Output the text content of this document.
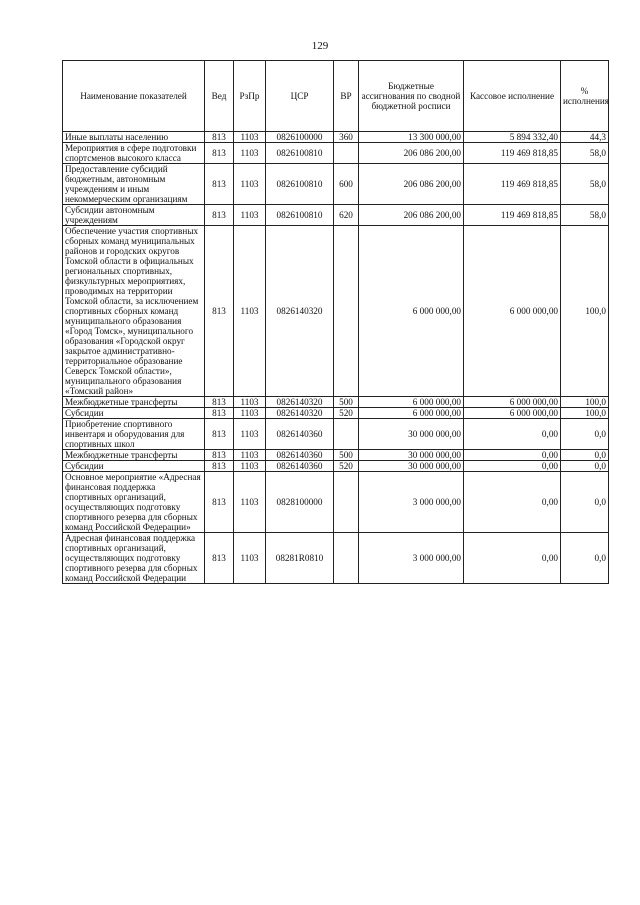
129
Наименование показателей	Вед	РзПр	ЦСР	ВР	Бюджетные ассигнования по сводной бюджетной росписи	Кассовое исполнение	% исполнения
Иные выплаты населению	813	1103	0826100000	360	13 300 000,00	5 894 332,40	44,3
Мероприятия в сфере подготовки спортсменов высокого класса	813	1103	0826100810		206 086 200,00	119 469 818,85	58,0
Предоставление субсидий бюджетным, автономным учреждениям и иным некоммерческим организациям	813	1103	0826100810	600	206 086 200,00	119 469 818,85	58,0
Субсидии автономным учреждениям	813	1103	0826100810	620	206 086 200,00	119 469 818,85	58,0
Обеспечение участия спортивных сборных команд муниципальных районов и городских округов Томской области в официальных региональных спортивных, физкультурных мероприятиях, проводимых на территории Томской области, за исключением спортивных сборных команд муниципального образования «Город Томск», муниципального образования «Городской округ закрытое административно-территориальное образование Северск Томской области», муниципального образования «Томский район»	813	1103	0826140320		6 000 000,00	6 000 000,00	100,0
Межбюджетные трансферты	813	1103	0826140320	500	6 000 000,00	6 000 000,00	100,0
Субсидии	813	1103	0826140320	520	6 000 000,00	6 000 000,00	100,0
Приобретение спортивного инвентаря и оборудования для спортивных школ	813	1103	0826140360		30 000 000,00	0,00	0,0
Межбюджетные трансферты	813	1103	0826140360	500	30 000 000,00	0,00	0,0
Субсидии	813	1103	0826140360	520	30 000 000,00	0,00	0,0
Основное мероприятие «Адресная финансовая поддержка спортивных организаций, осуществляющих подготовку спортивного резерва для сборных команд Российской Федерации»	813	1103	0828100000		3 000 000,00	0,00	0,0
Адресная финансовая поддержка спортивных организаций, осуществляющих подготовку спортивного резерва для сборных команд Российской Федерации	813	1103	08281R0810		3 000 000,00	0,00	0,0
